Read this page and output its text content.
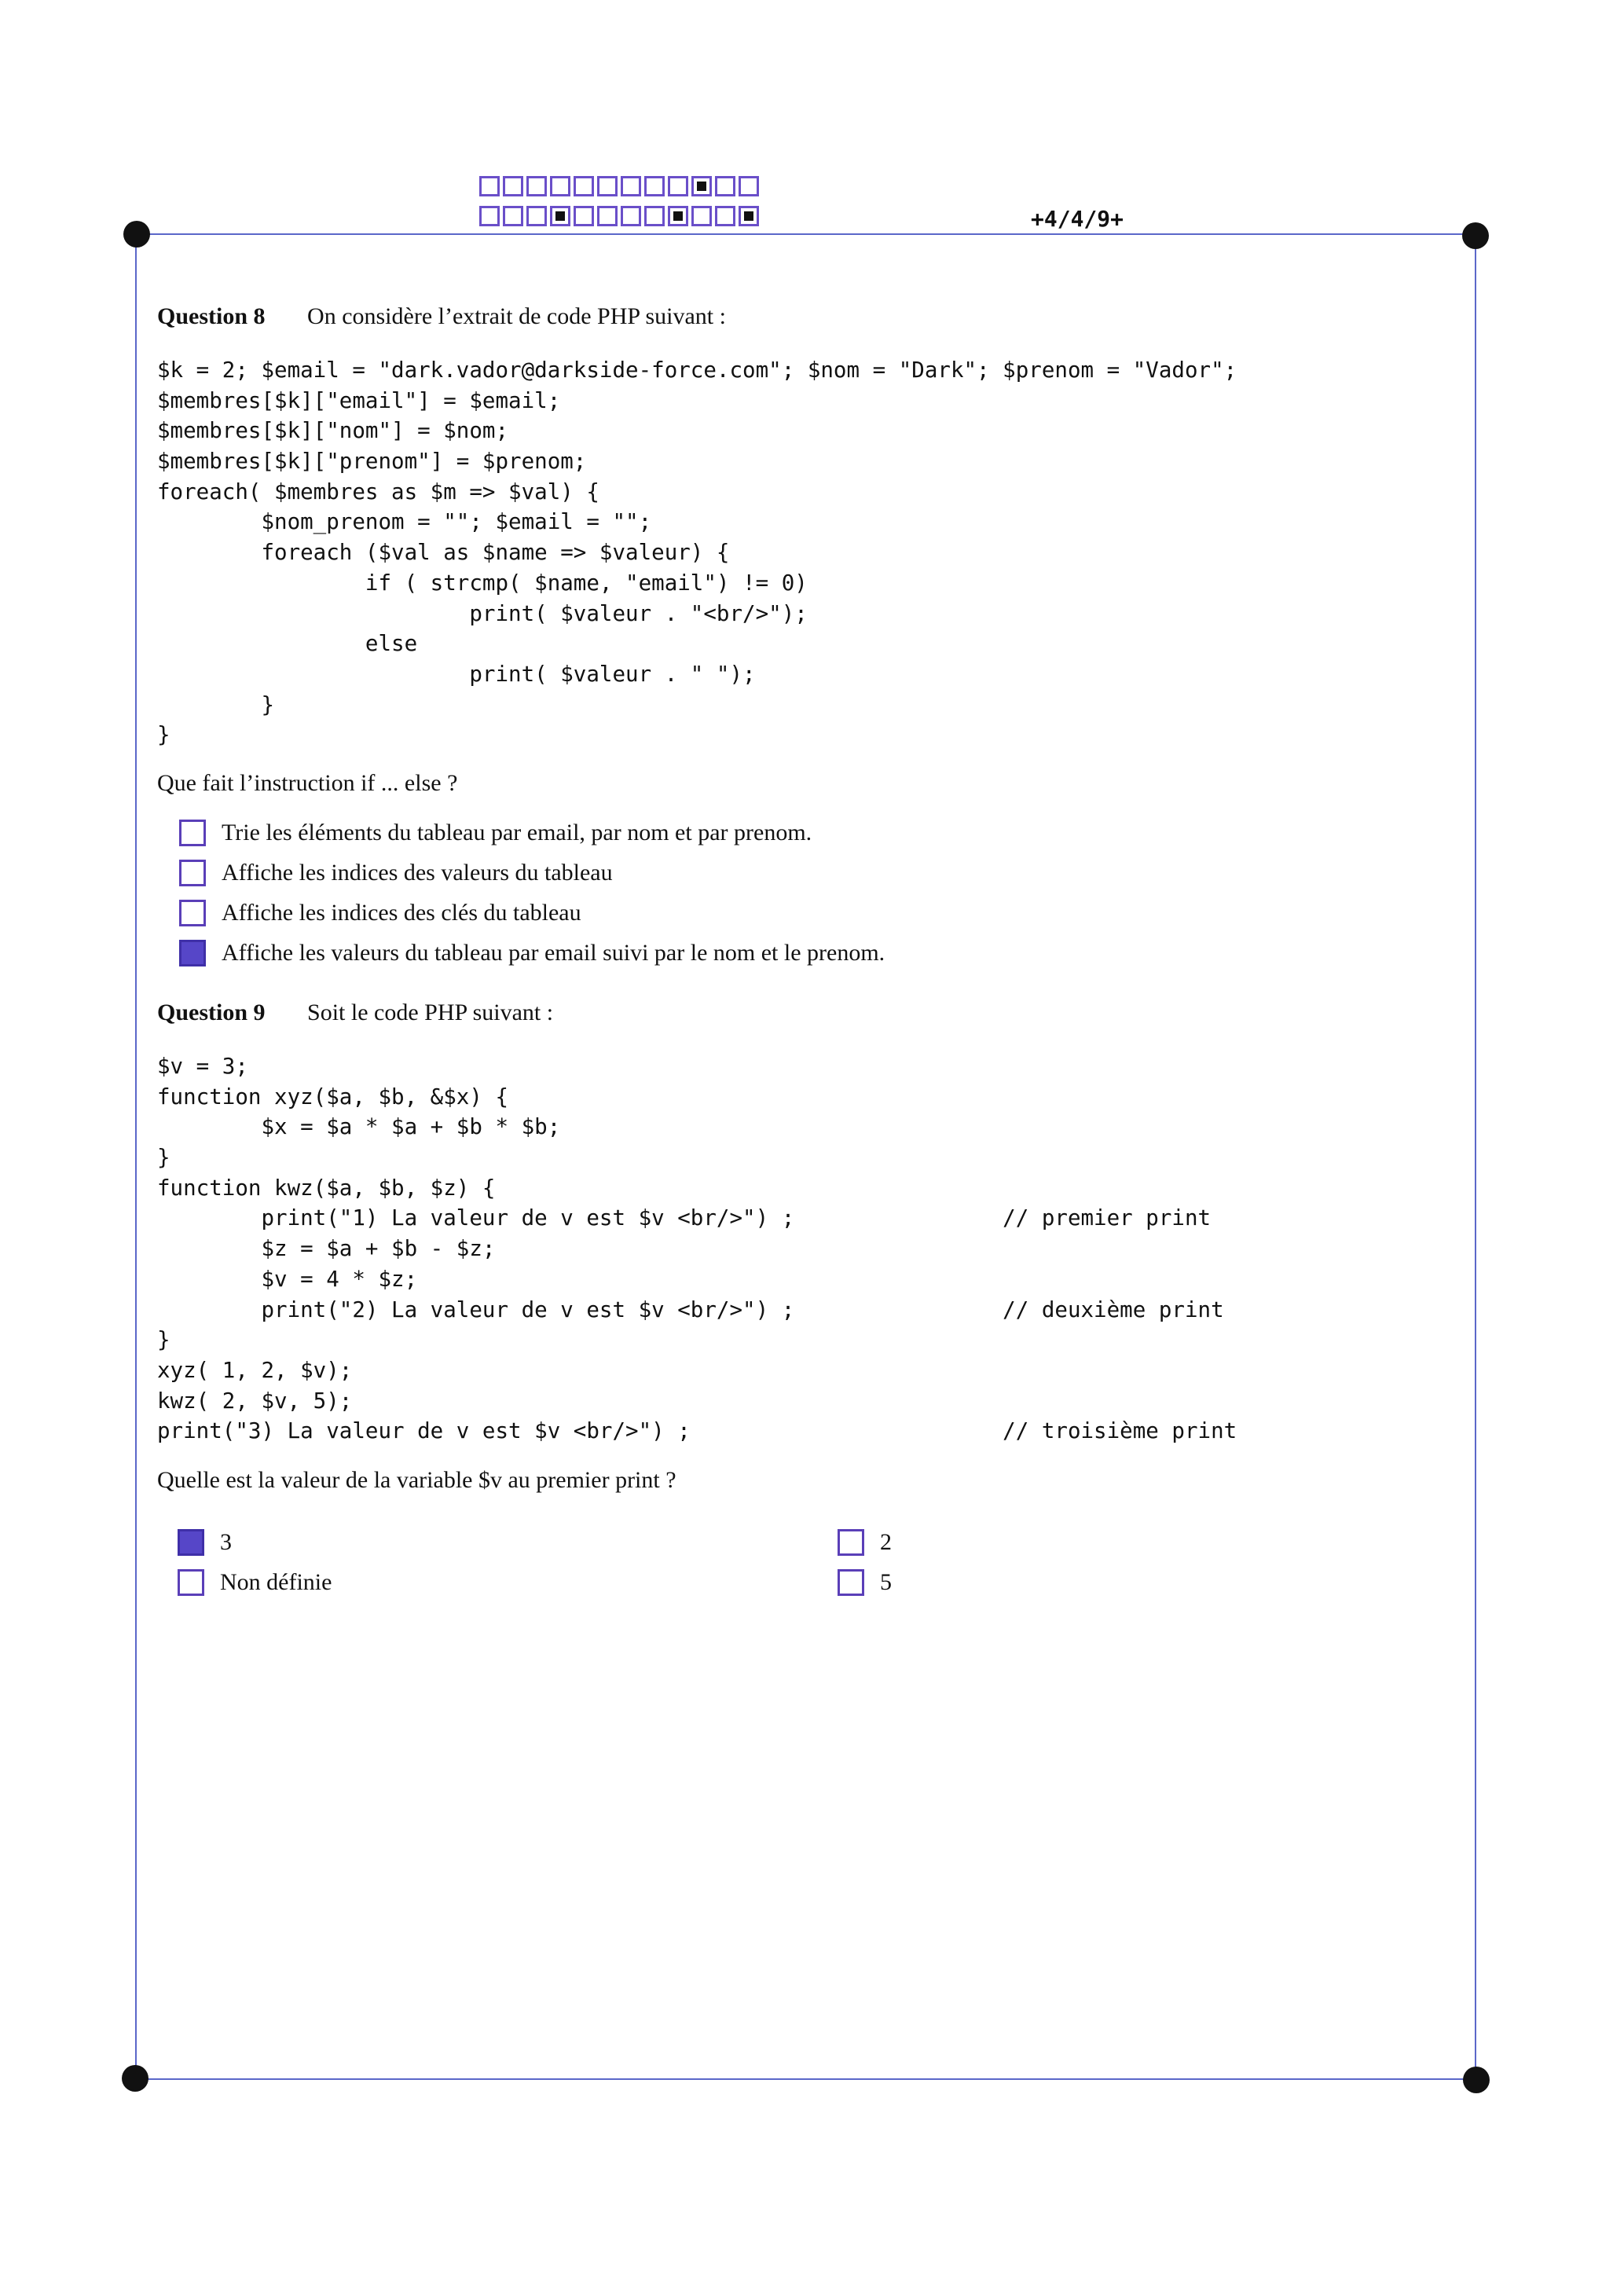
+4/4/9+
Question 8 On considère l’extrait de code PHP suivant :
$k = 2; $email = "dark.vador@darkside-force.com"; $nom = "Dark"; $prenom = "Vador";
$membres[$k]["email"] = $email;
$membres[$k]["nom"] = $nom;
$membres[$k]["prenom"] = $prenom;
foreach( $membres as $m => $val) {
$nom_prenom = ""; $email = "";
foreach ($val as $name => $valeur) {
if ( strcmp( $name, "email") != 0)
print( $valeur . "<br/>");
else
print( $valeur . " ");
}
}
Que fait l’instruction if ... else ?
Trie les éléments du tableau par email, par nom et par prenom.
Affiche les indices des valeurs du tableau
Affiche les indices des clés du tableau
Affiche les valeurs du tableau par email suivi par le nom et le prenom.
Question 9 Soit le code PHP suivant :
$v = 3;
function xyz($a, $b, &$x) {
$x = $a * $a + $b * $b;
}
function kwz($a, $b, $z) {
print("1) La valeur de v est $v <br/>") ;                // premier print
$z = $a + $b - $z;
$v = 4 * $z;
print("2) La valeur de v est $v <br/>") ;                // deuxième print
}
xyz( 1, 2, $v);
kwz( 2, $v, 5);
print("3) La valeur de v est $v <br/>") ;                        // troisième print
Quelle est la valeur de la variable $v au premier print ?
3	2
Non définie	5
